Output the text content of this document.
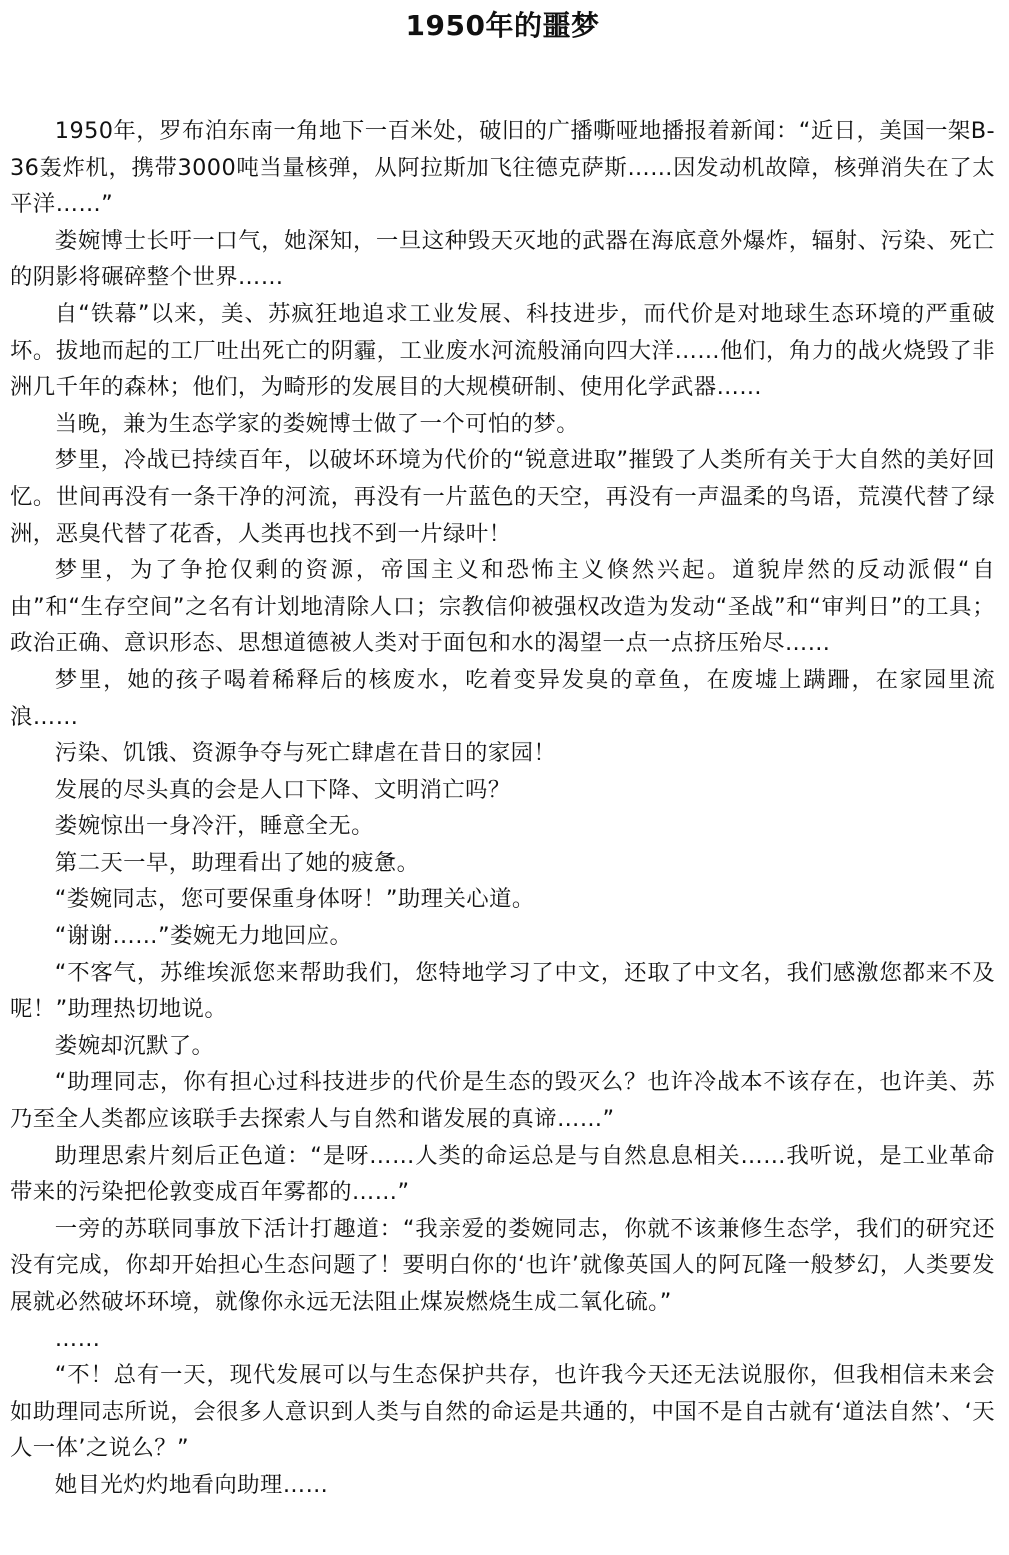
1950年的噩梦

1950年，罗布泊东南一角地下一百米处，破旧的广播嘶哑地播报着新闻：“近日，美国一架B-36轰炸机，携带3000吨当量核弹，从阿拉斯加飞往德克萨斯……因发动机故障，核弹消失在了太平洋……”

娄婉博士长吁一口气，她深知，一旦这种毁天灭地的武器在海底意外爆炸，辐射、污染、死亡的阴影将碾碎整个世界……

自“铁幕”以来，美、苏疯狂地追求工业发展、科技进步，而代价是对地球生态环境的严重破坏。拔地而起的工厂吐出死亡的阴霾，工业废水河流般涌向四大洋……他们，角力的战火烧毁了非洲几千年的森林；他们，为畸形的发展目的大规模研制、使用化学武器……

当晚，兼为生态学家的娄婉博士做了一个可怕的梦。

梦里，冷战已持续百年，以破坏环境为代价的“锐意进取”摧毁了人类所有关于大自然的美好回忆。世间再没有一条干净的河流，再没有一片蓝色的天空，再没有一声温柔的鸟语，荒漠代替了绿洲，恶臭代替了花香，人类再也找不到一片绿叶！

梦里，为了争抢仅剩的资源，帝国主义和恐怖主义倏然兴起。道貌岸然的反动派假“自由”和“生存空间”之名有计划地清除人口；宗教信仰被强权改造为发动“圣战”和“审判日”的工具；政治正确、意识形态、思想道德被人类对于面包和水的渴望一点一点挤压殆尽……

梦里，她的孩子喝着稀释后的核废水，吃着变异发臭的章鱼，在废墟上蹒跚，在家园里流浪……

污染、饥饿、资源争夺与死亡肆虐在昔日的家园！

发展的尽头真的会是人口下降、文明消亡吗？

娄婉惊出一身冷汗，睡意全无。

第二天一早，助理看出了她的疲惫。

“娄婉同志，您可要保重身体呀！”助理关心道。

“谢谢……”娄婉无力地回应。

“不客气，苏维埃派您来帮助我们，您特地学习了中文，还取了中文名，我们感激您都来不及呢！”助理热切地说。

娄婉却沉默了。

“助理同志，你有担心过科技进步的代价是生态的毁灭么？也许冷战本不该存在，也许美、苏乃至全人类都应该联手去探索人与自然和谐发展的真谛……”

助理思索片刻后正色道：“是呀……人类的命运总是与自然息息相关……我听说，是工业革命带来的污染把伦敦变成百年雾都的……”

一旁的苏联同事放下活计打趣道：“我亲爱的娄婉同志，你就不该兼修生态学，我们的研究还没有完成，你却开始担心生态问题了！要明白你的‘也许’就像英国人的阿瓦隆一般梦幻，人类要发展就必然破坏环境，就像你永远无法阻止煤炭燃烧生成二氧化硫。”

……

“不！总有一天，现代发展可以与生态保护共存，也许我今天还无法说服你，但我相信未来会如助理同志所说，会很多人意识到人类与自然的命运是共通的，中国不是自古就有‘道法自然’、‘天人一体’之说么？”

她目光灼灼地看向助理……
